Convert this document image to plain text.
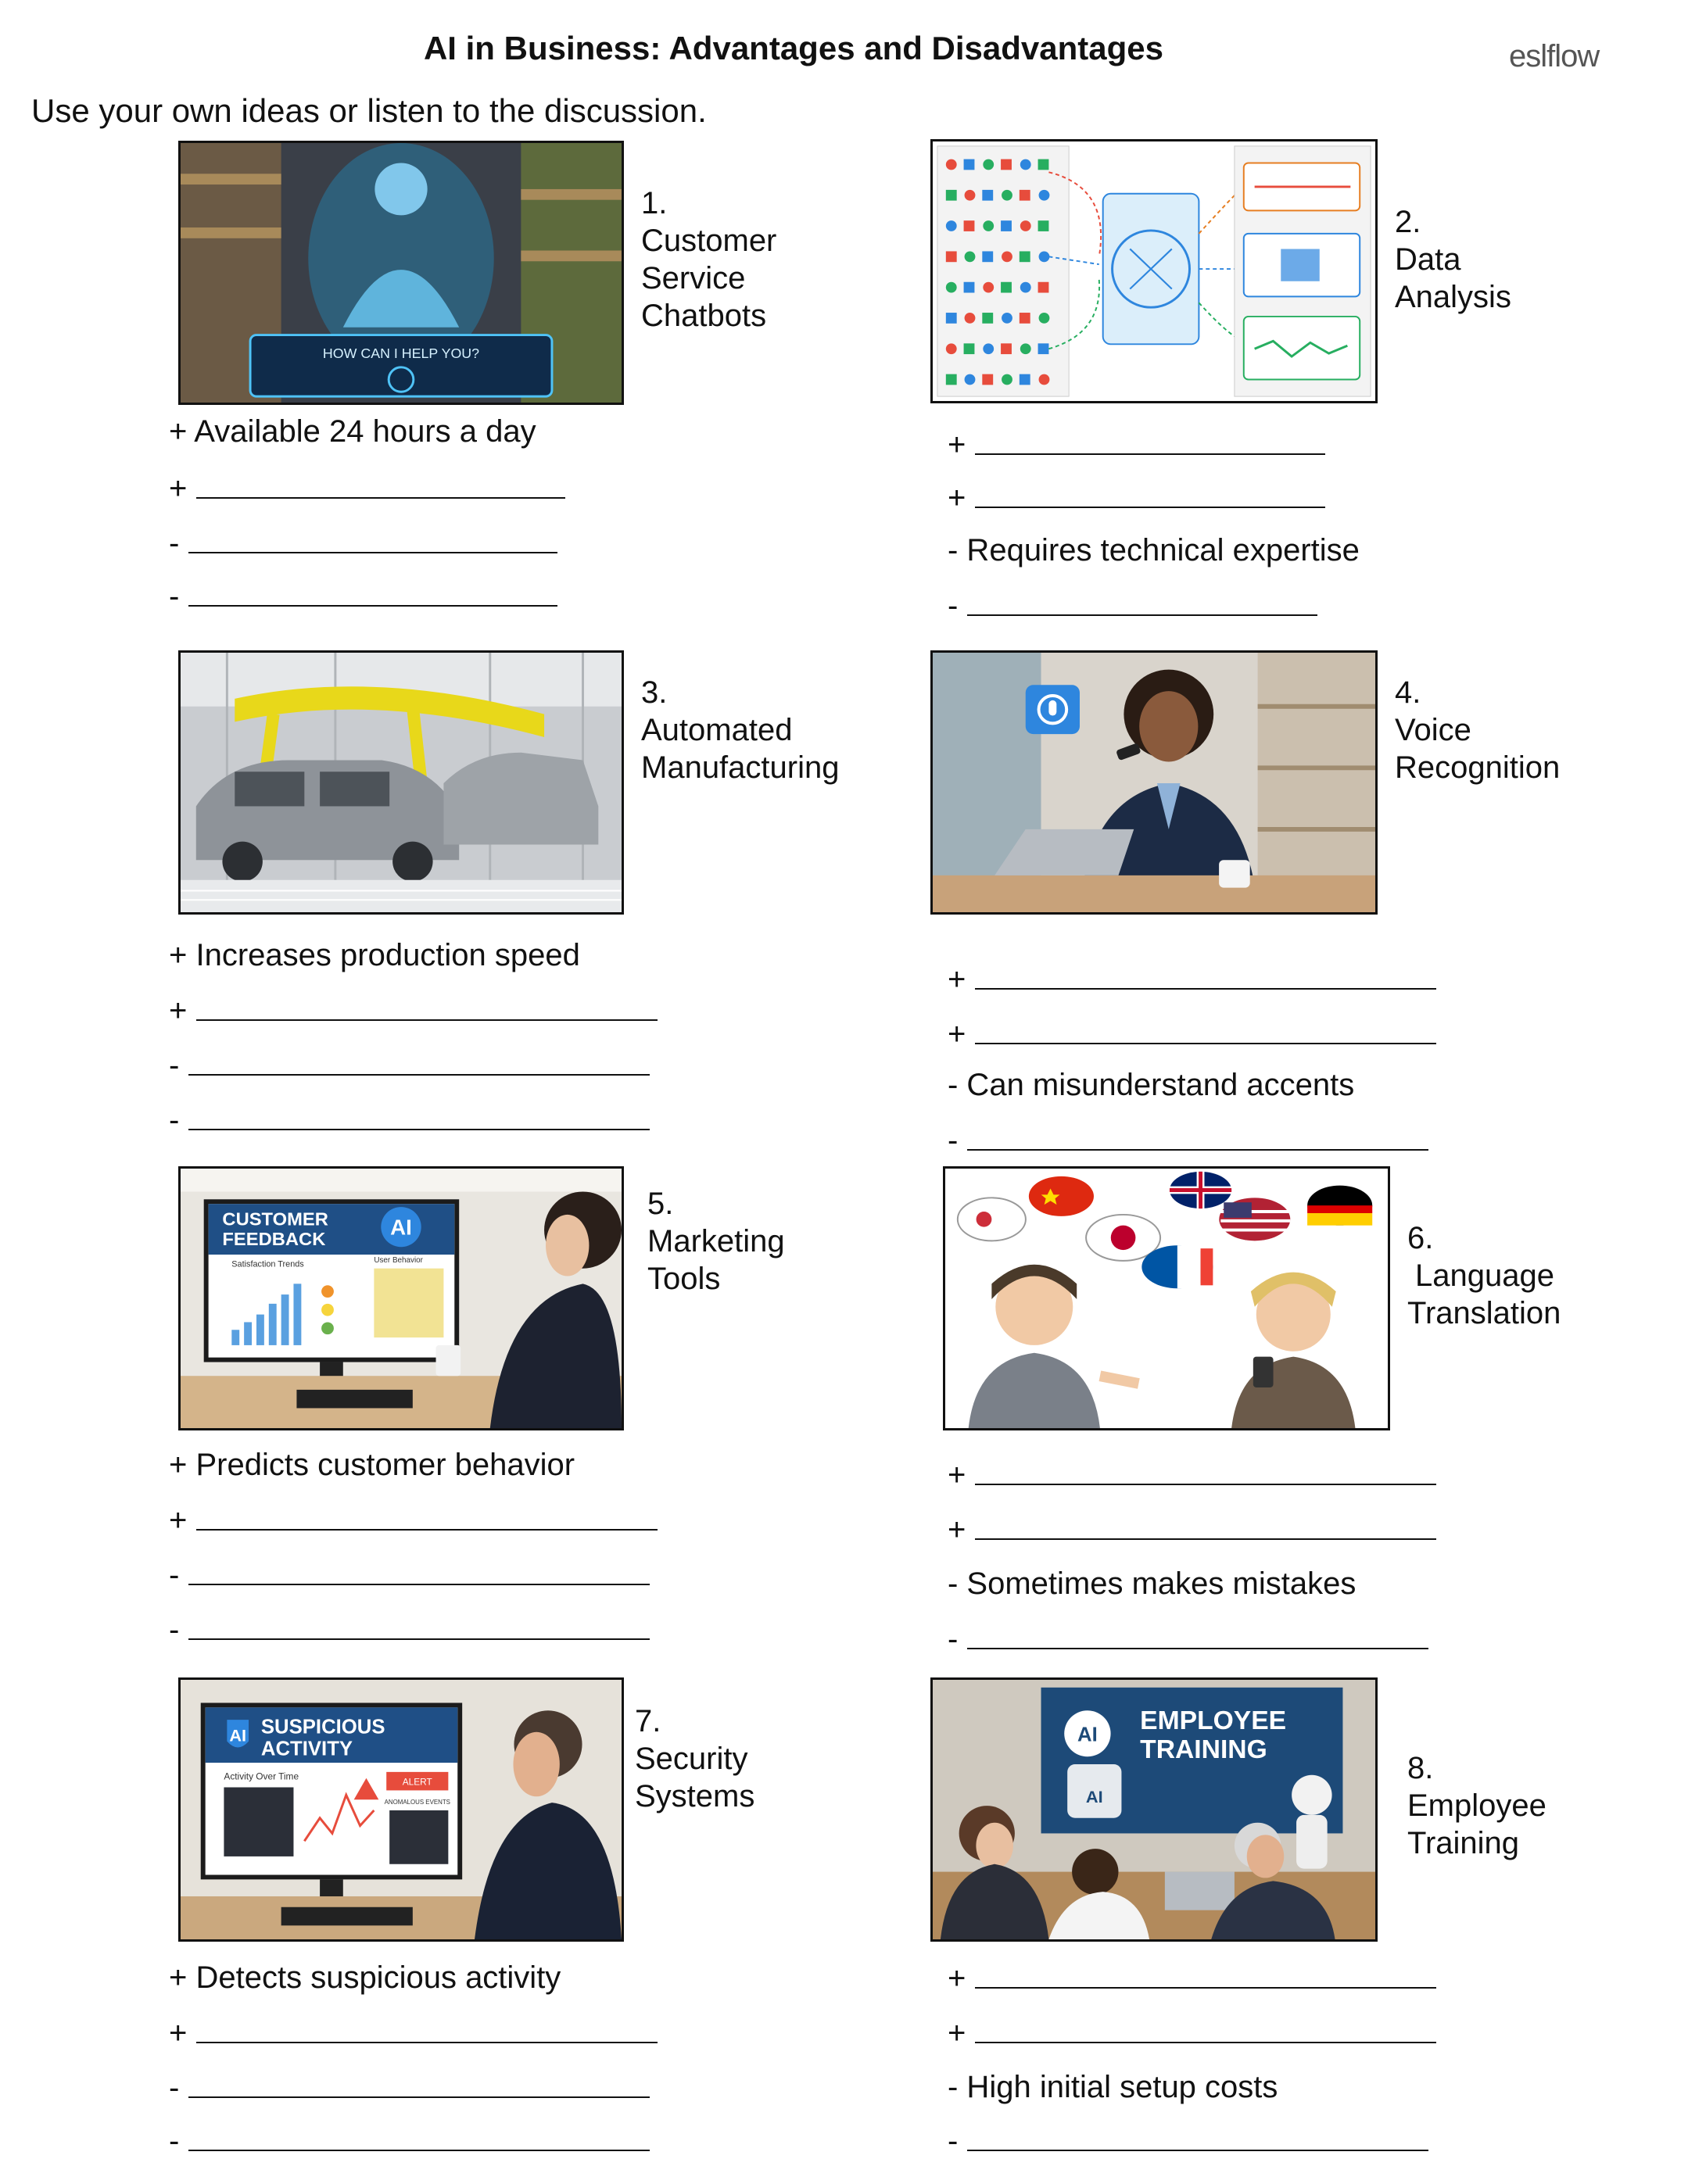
AI in Business: Advantages and Disadvantages	eslflow
Use your own ideas or listen to the discussion.
HOW CAN I HELP YOU?
1.
Customer
Service
Chatbots
+ Available 24 hours a day
+
-
-
2.
Data
Analysis
+
+
- Requires technical expertise
-
3.
Automated
Manufacturing
+ Increases production speed
+
-
-
4.
Voice
Recognition
+
+
- Can misunderstand accents
-
CUSTOMER
FEEDBACK
AI
Satisfaction Trends	User Behavior
5.
Marketing
Tools
+ Predicts customer behavior
+
-
-
6.
Language
Translation
+
+
- Sometimes makes mistakes
-
AI SUSPICIOUS
ACTIVITY
Activity Over Time	ALERT
ANOMALOUS EVENTS
7.
Security
Systems
+ Detects suspicious activity
+
-
-
AI EMPLOYEE
TRAINING
AI
8.
Employee
Training
+
+
- High initial setup costs
-
